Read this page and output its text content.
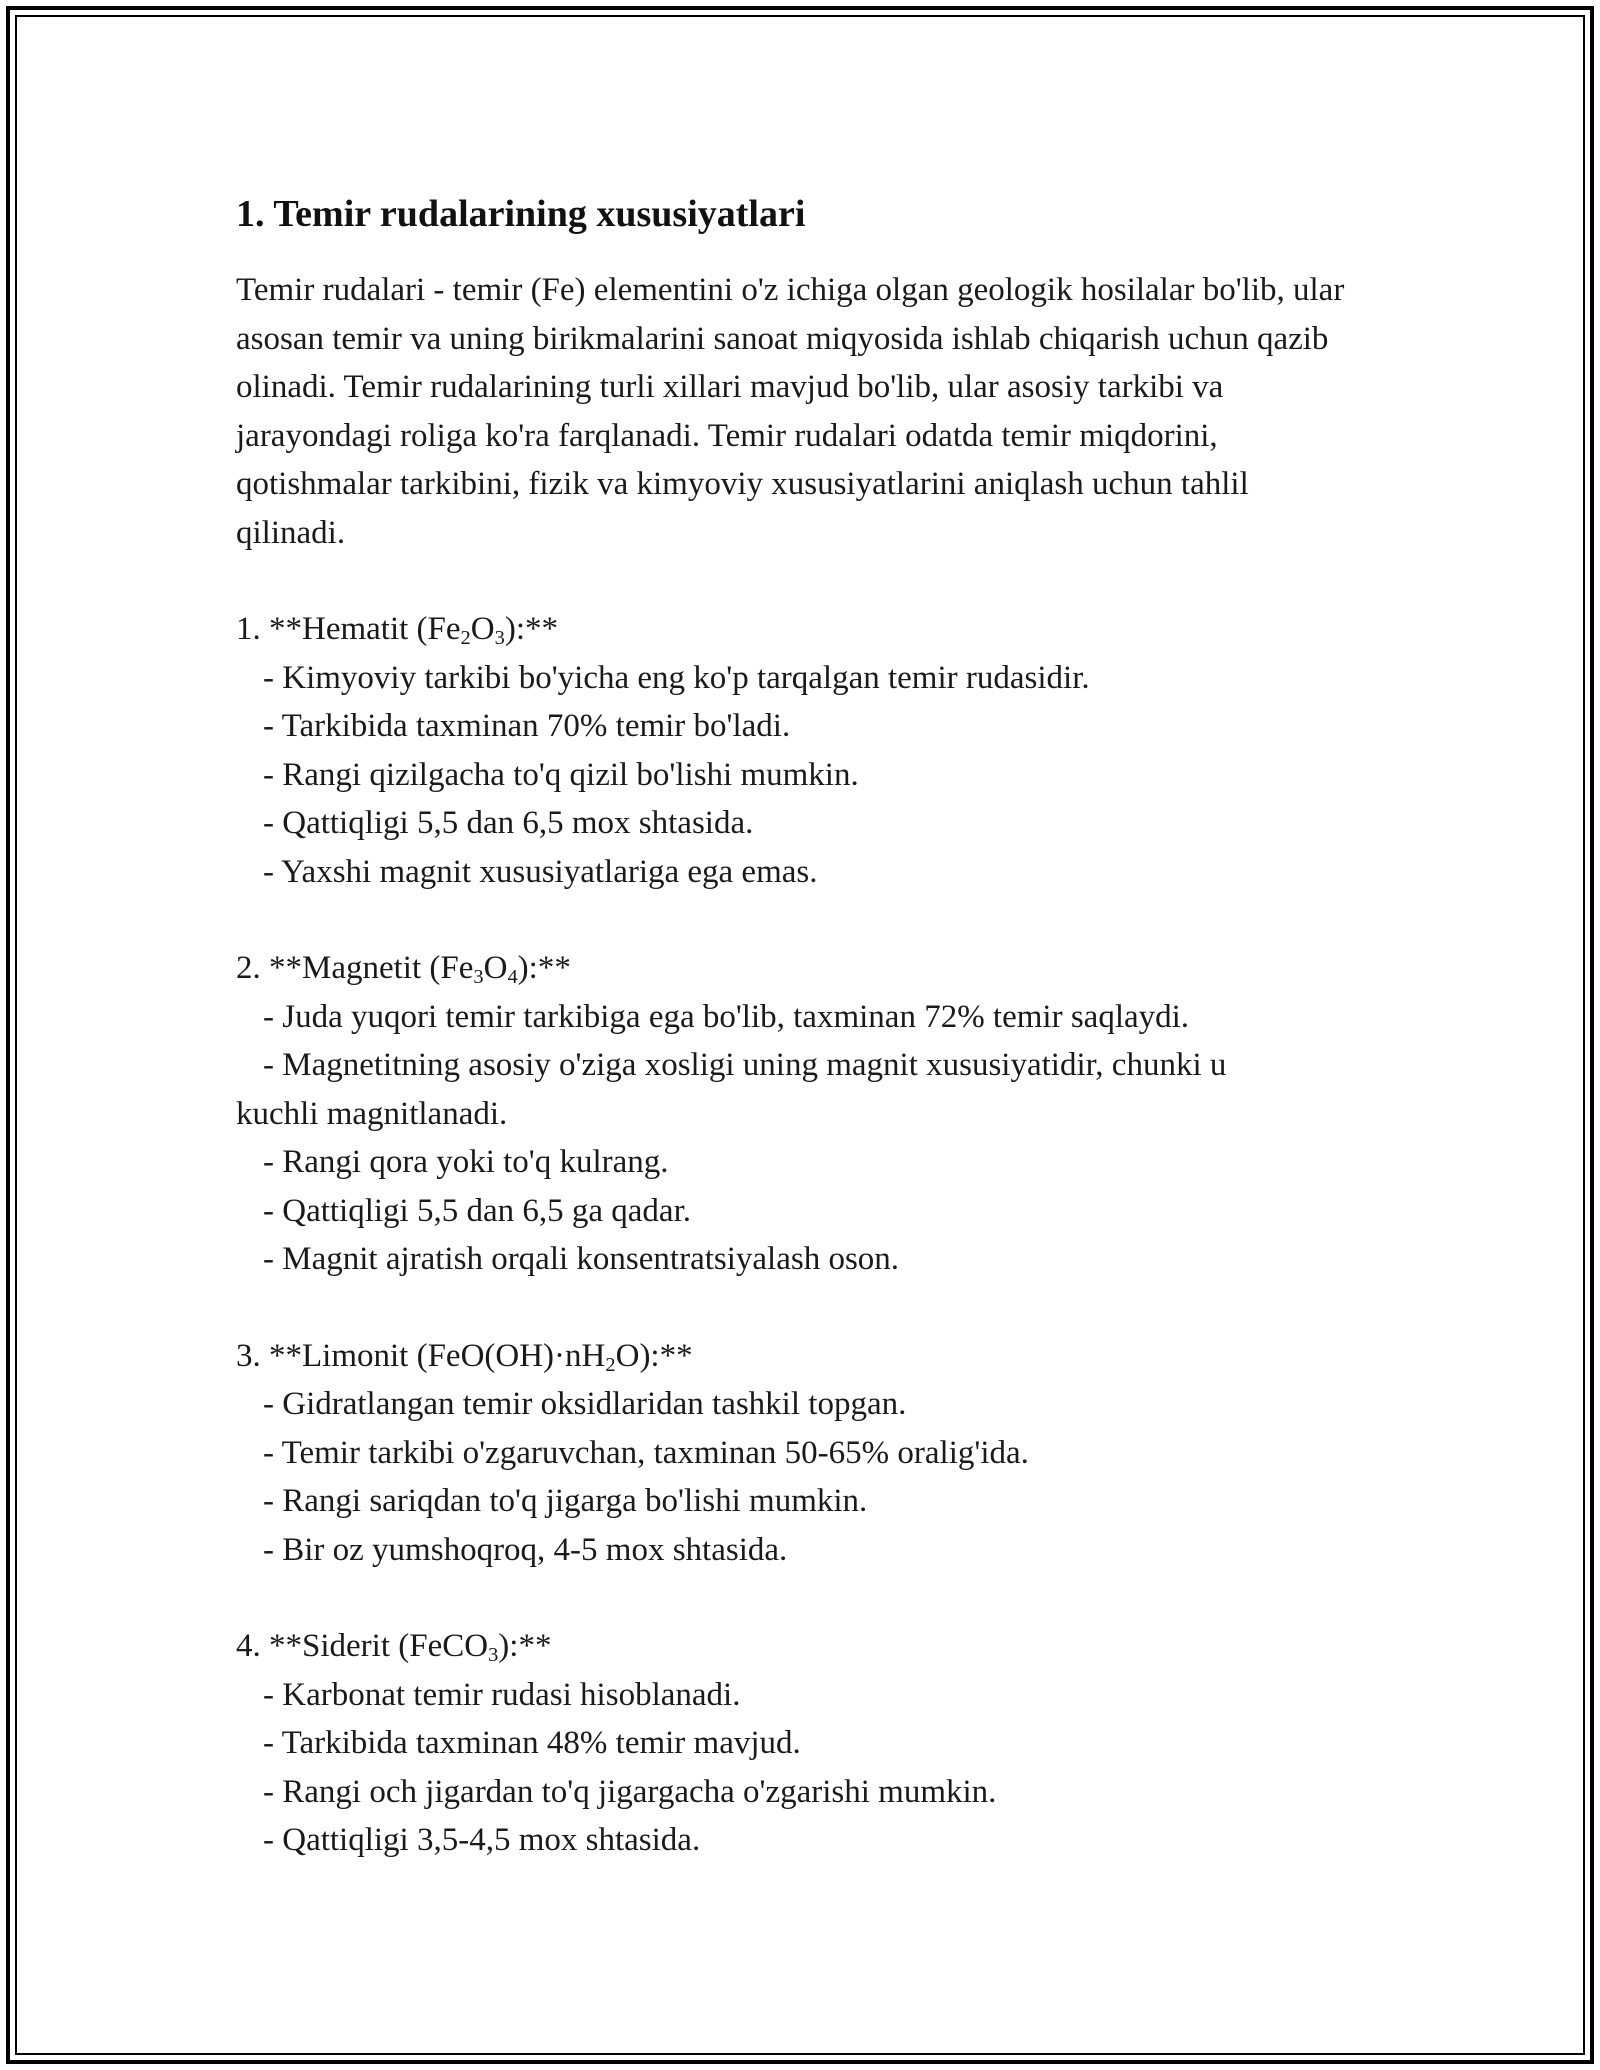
1. Temir rudalarining xususiyatlari

Temir rudalari - temir (Fe) elementini o'z ichiga olgan geologik hosilalar bo'lib, ular asosan temir va uning birikmalarini sanoat miqyosida ishlab chiqarish uchun qazib olinadi. Temir rudalarining turli xillari mavjud bo'lib, ular asosiy tarkibi va jarayondagi roliga ko'ra farqlanadi. Temir rudalari odatda temir miqdorini, qotishmalar tarkibini, fizik va kimyoviy xususiyatlarini aniqlash uchun tahlil qilinadi.

1. **Hematit $(Fe_2O_3):**$
- Kimyoviy tarkibi bo'yicha eng ko'p tarqalgan temir rudasidir.
- Tarkibida taxminan 70% temir bo'ladi.
- Rangi qizilgacha to'q qizil bo'lishi mumkin.
- Qattiqligi 5,5 dan 6,5 mox shtasida.
- Yaxshi magnit xususiyatlariga ega emas.
2. **Magnetit $(Fe_3O_4):**$
- Juda yuqori temir tarkibiga ega bo'lib, taxminan 72% temir saqlaydi.
- Magnetitning asosiy o'ziga xosligi uning magnit xususiyatidir, chunki u
kuchli magnitlanadi.
- Rangi qora yoki to'q kulrang.
- Qattiqligi 5,5 dan 6,5 ga qadar.
- Magnit ajratish orqali konsentratsiyalash oson.
3. **Limonit $(FeO(OH)\cdot nH_2O):**$
- Gidratlangan temir oksidlaridan tashkil topgan.
- Temir tarkibi o'zgaruvchan, taxminan 50-65% oralig'ida.
- Rangi sariqdan to'q jigarga bo'lishi mumkin.
- Bir oz yumshoqroq, 4-5 mox shtasida.
4. **Siderit (FeCO$_3$):**
- Karbonat temir rudasi hisoblanadi.
- Tarkibida taxminan 48% temir mavjud.
- Rangi och jigardan to'q jigargacha o'zgarishi mumkin.
- Qattiqligi 3,5-4,5 mox shtasida.
